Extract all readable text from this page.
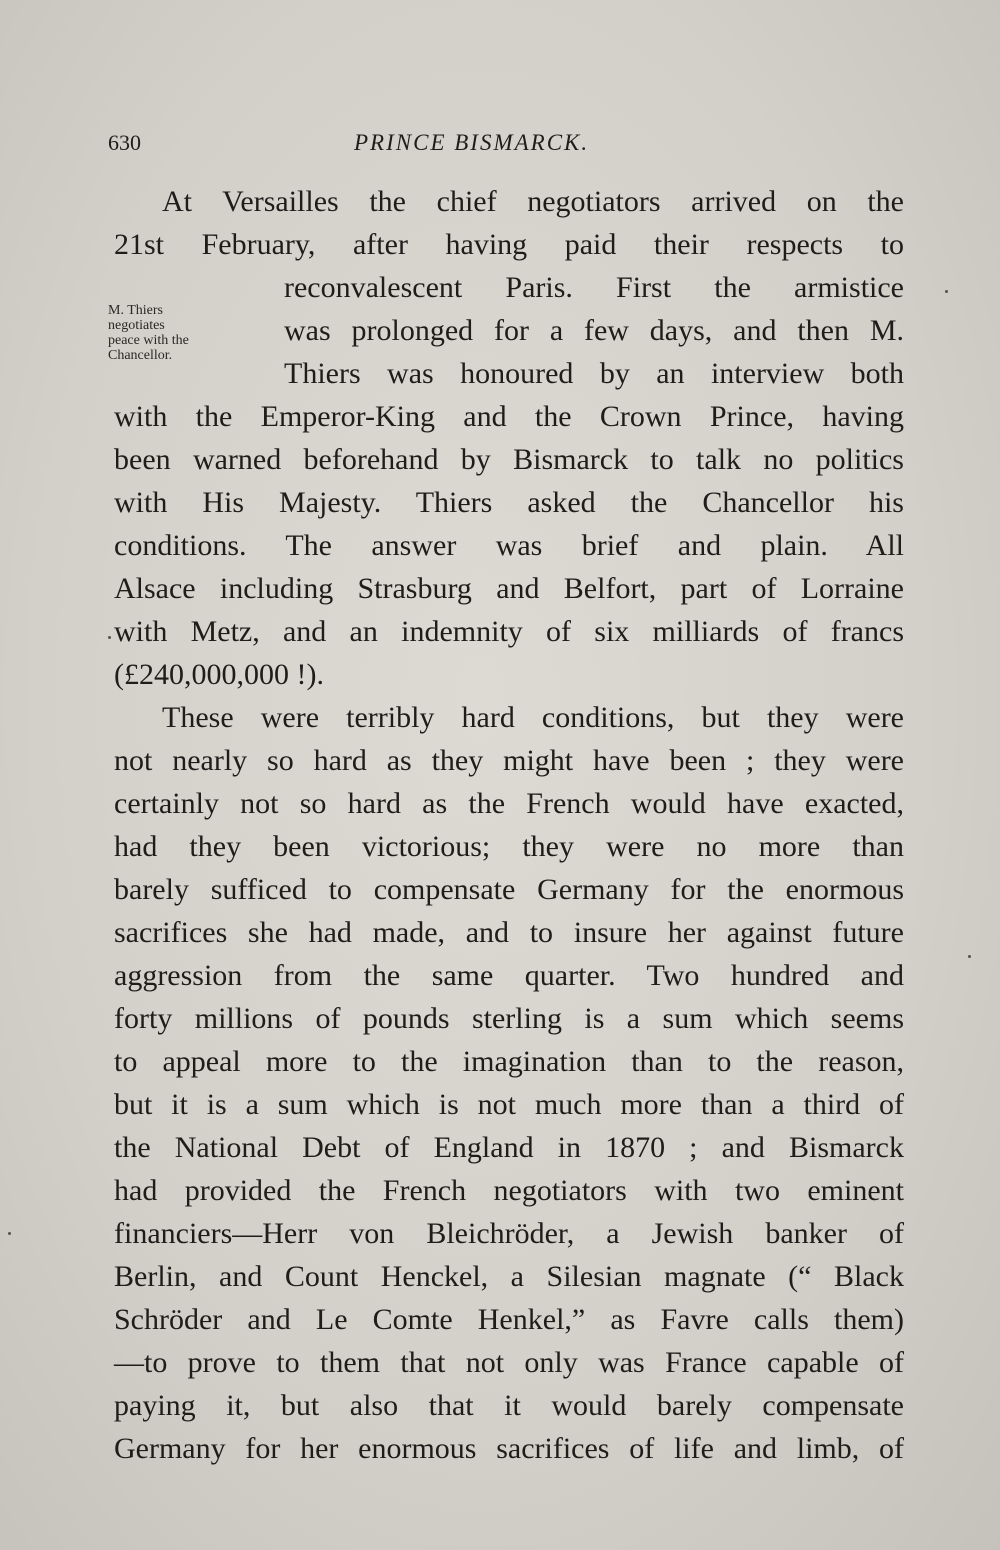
630	PRINCE BISMARCK.
M. Thiers
negotiates
peace with the
Chancellor.
At Versailles the chief negotiators arrived on the
21st February, after having paid their respects to
reconvalescent Paris. First the armistice
was prolonged for a few days, and then M.
Thiers was honoured by an interview both
with the Emperor-King and the Crown Prince, having
been warned beforehand by Bismarck to talk no politics
with His Majesty. Thiers asked the Chancellor his
conditions. The answer was brief and plain. All
Alsace including Strasburg and Belfort, part of Lorraine
with Metz, and an indemnity of six milliards of francs
(£240,000,000 !).
These were terribly hard conditions, but they were
not nearly so hard as they might have been ; they were
certainly not so hard as the French would have exacted,
had they been victorious; they were no more than
barely sufficed to compensate Germany for the enormous
sacrifices she had made, and to insure her against future
aggression from the same quarter. Two hundred and
forty millions of pounds sterling is a sum which seems
to appeal more to the imagination than to the reason,
but it is a sum which is not much more than a third of
the National Debt of England in 1870 ; and Bismarck
had provided the French negotiators with two eminent
financiers—Herr von Bleichröder, a Jewish banker of
Berlin, and Count Henckel, a Silesian magnate (“ Black
Schröder and Le Comte Henkel,” as Favre calls them)
—to prove to them that not only was France capable of
paying it, but also that it would barely compensate
Germany for her enormous sacrifices of life and limb, of
